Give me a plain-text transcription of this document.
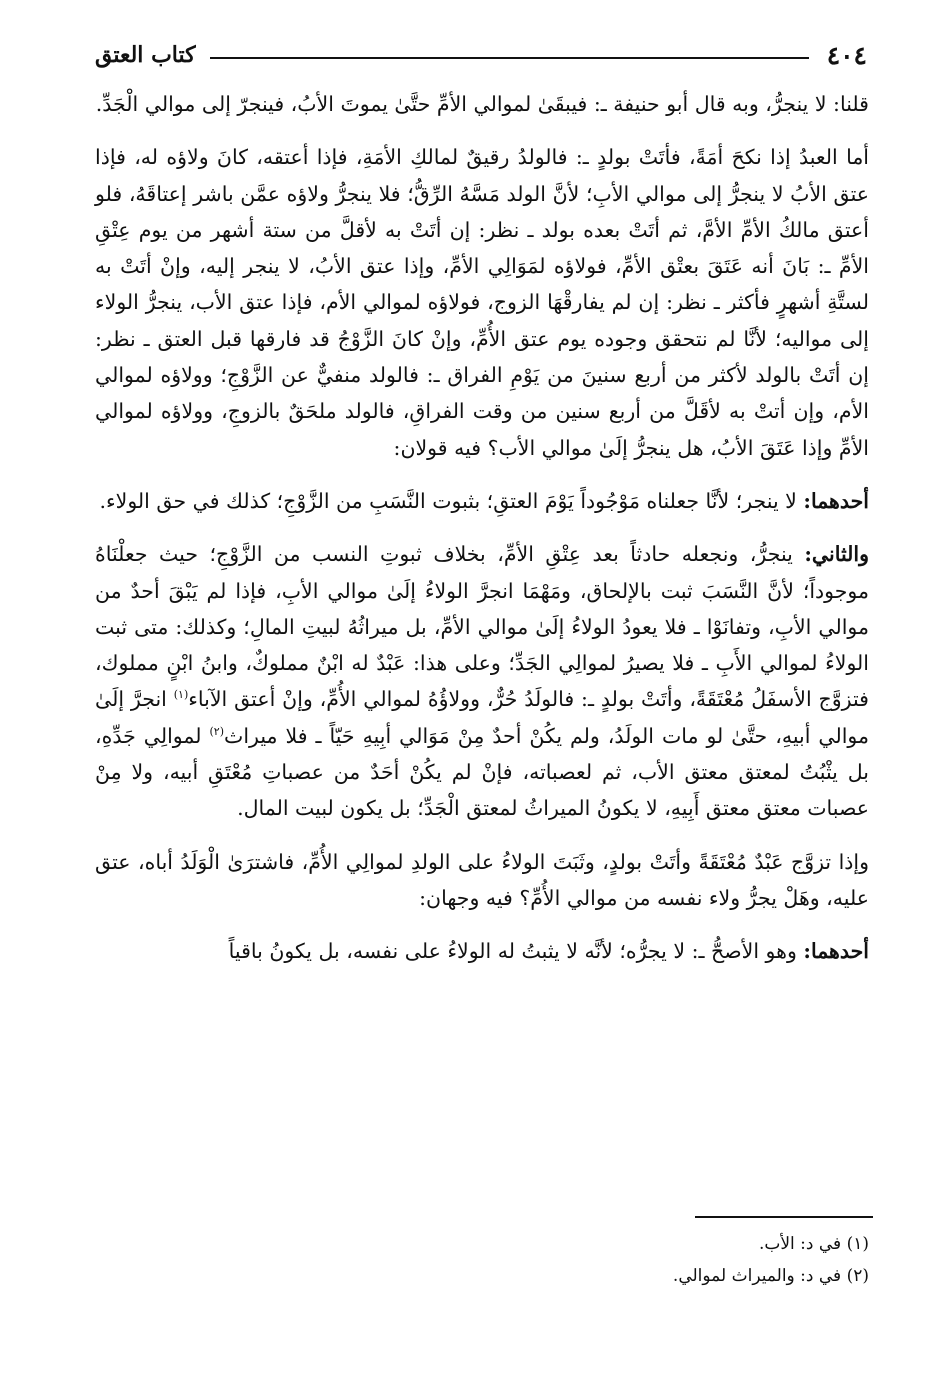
٤٠٤
كتاب العتق

قلنا: لا ينجرُّ، وبه قال أبو حنيفة ـ: فيبقَىٰ لموالي الأمِّ حتَّىٰ يموتَ الأبُ، فينجرّ إلى موالي الْجَدِّ.

أما العبدُ إذا نكحَ أمَةً، فأتَتْ بولدٍ ـ: فالولدُ رقيقٌ لمالكِ الأمَةِ، فإذا أعتقه، كانَ ولاؤه له، فإذا عتق الأبُ لا ينجرُّ إلى موالي الأبِ؛ لأنَّ الولد مَسَّهُ الرِّقُّ؛ فلا ينجرُّ ولاؤه عمَّن باشر إعتاقَهُ، فلو أعتق مالكُ الأمِّ الأمَّ، ثم أتَتْ بعده بولد ـ نظر: إن أتَتْ به لأقلَّ من ستة أشهر من يوم عِتْقِ الأمِّ ـ: بَانَ أنه عَتَقَ بعتْق الأمِّ، فولاؤه لمَوَالِي الأمِّ، وإذا عتق الأبُ، لا ينجر إليه، وإنْ أتَتْ به لستَّةِ أشهرٍ فأكثر ـ نظر: إن لم يفارقْهَا الزوج، فولاؤه لموالي الأم، فإذا عتق الأب، ينجرُّ الولاء إلى مواليه؛ لأنَّا لم نتحقق وجوده يوم عتق الأُمِّ، وإنْ كانَ الزَّوْجُ قد فارقها قبل العتق ـ نظر: إن أتَتْ بالولد لأكثر من أربع سنينَ من يَوْمِ الفراق ـ: فالولد منفيٌّ عن الزَّوْجِ؛ وولاؤه لموالي الأم، وإن أتتْ به لأقَلَّ من أربع سنين من وقت الفراقِ، فالولد ملحَقٌ بالزوجِ، وولاؤه لموالي الأمِّ وإذا عَتَقَ الأبُ، هل ينجرُّ إلَىٰ موالي الأب؟ فيه قولان:

أحدهما: لا ينجر؛ لأنَّا جعلناه مَوْجُوداً يَوْمَ العتقِ؛ بثبوت النَّسَبِ من الزَّوْجِ؛ كذلك في حق الولاء.

والثاني: ينجرُّ، ونجعله حادثاً بعد عِتْقِ الأمِّ، بخلاف ثبوتِ النسب من الزَّوْجِ؛ حيث جعلْنَاهُ موجوداً؛ لأنَّ النَّسَبَ ثبت بالإلحاق، ومَهْمَا انجرَّ الولاءُ إلَىٰ موالي الأبِ، فإذا لم يَبْقَ أحدٌ من موالي الأبِ، وتفانَوْا ـ فلا يعودُ الولاءُ إلَىٰ موالي الأمِّ، بل ميراثُهُ لبيتِ المالِ؛ وكذلك: متى ثبت الولاءُ لموالي الأَبِ ـ فلا يصيرُ لموالِي الجَدِّ؛ وعلى هذا: عَبْدٌ له ابْنٌ مملوكٌ، وابنُ ابْنٍ مملوك، فتزوَّج الأسفَلُ مُعْتَقَةً، وأتَتْ بولدٍ ـ: فالولَدُ حُرٌّ، وولاؤُهُ لموالي الأُمِّ، وإنْ أعتق الآباء$^{(١)}$ انجرَّ إلَىٰ موالي أبيهِ، حتَّىٰ لو مات الولَدُ، ولم يكُنْ أحدٌ مِنْ مَوَالي أبِيهِ حَيّاً ـ فلا ميراث$^{(٢)}$ لموالِي جَدِّهِ، بل يثْبُتُ لمعتق معتق الأب، ثم لعصباته، فإنْ لم يكُنْ أحَدٌ من عصباتِ مُعْتَقِ أبيه، ولا مِنْ عصبات معتق معتق أَبِيهِ، لا يكونُ الميراثُ لمعتق الْجَدِّ؛ بل يكون لبيت المال.

وإذا تزوَّج عَبْدٌ مُعْتَقَةً وأتَتْ بولدٍ، وثَبَتَ الولاءُ على الولدِ لموالِي الأُمِّ، فاشترَىٰ الْوَلَدُ أباه، عتق عليه، وهَلْ يجرُّ ولاء نفسه من موالي الأُمِّ؟ فيه وجهان:

أحدهما: وهو الأصحُّ ـ: لا يجرُّه؛ لأنَّه لا يثبتُ له الولاءُ على نفسه، بل يكونُ باقياً

(١) في د: الأب.
(٢) في د: والميراث لموالي.
